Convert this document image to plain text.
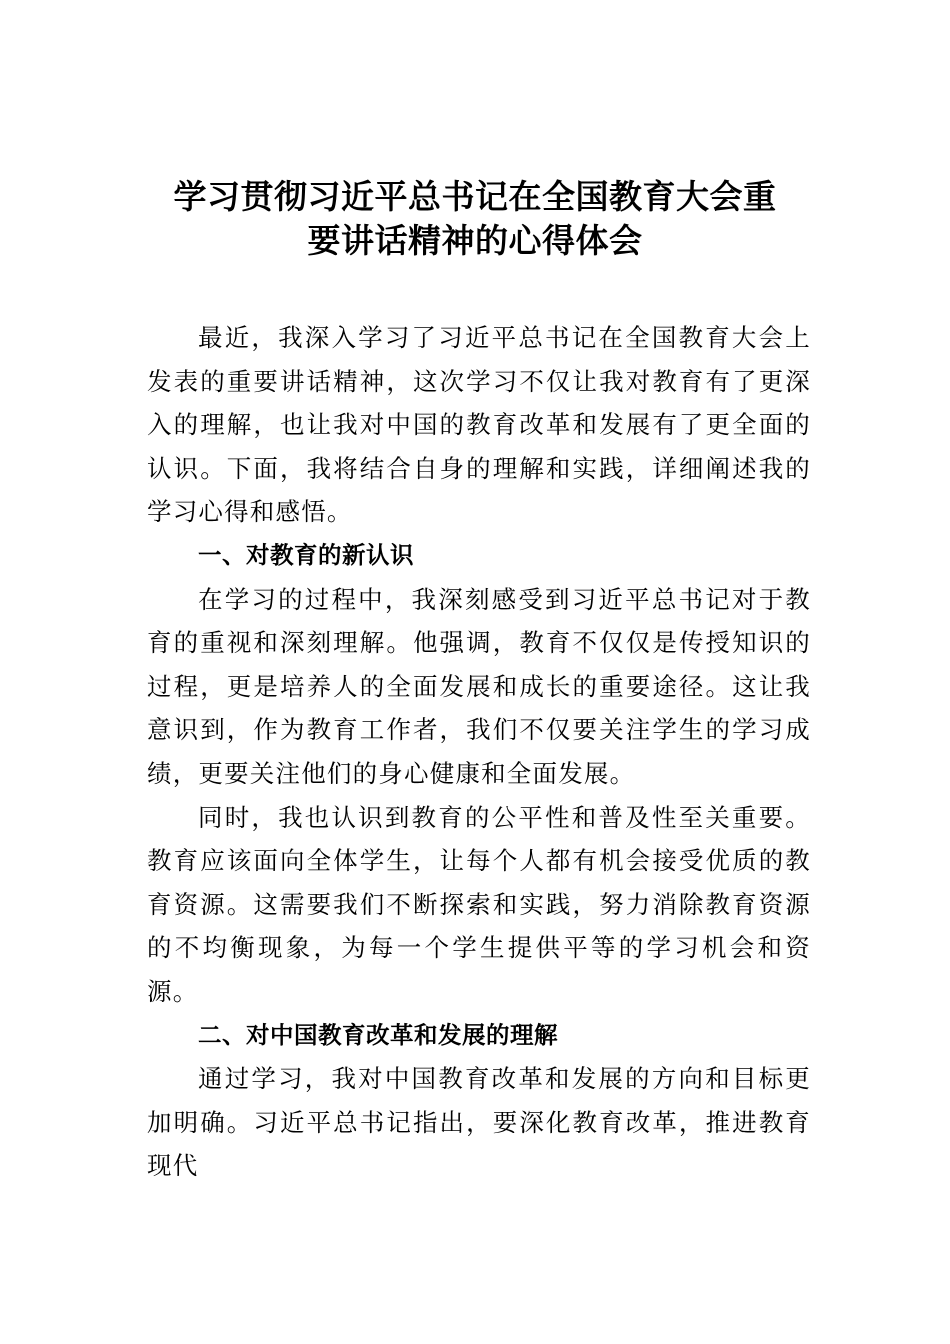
学习贯彻习近平总书记在全国教育大会重
要讲话精神的心得体会

最近，我深入学习了习近平总书记在全国教育大会上发表的重要讲话精神，这次学习不仅让我对教育有了更深入的理解，也让我对中国的教育改革和发展有了更全面的认识。下面，我将结合自身的理解和实践，详细阐述我的学习心得和感悟。

一、对教育的新认识

在学习的过程中，我深刻感受到习近平总书记对于教育的重视和深刻理解。他强调，教育不仅仅是传授知识的过程，更是培养人的全面发展和成长的重要途径。这让我意识到，作为教育工作者，我们不仅要关注学生的学习成绩，更要关注他们的身心健康和全面发展。

同时，我也认识到教育的公平性和普及性至关重要。教育应该面向全体学生，让每个人都有机会接受优质的教育资源。这需要我们不断探索和实践，努力消除教育资源的不均衡现象，为每一个学生提供平等的学习机会和资源。

二、对中国教育改革和发展的理解

通过学习，我对中国教育改革和发展的方向和目标更加明确。习近平总书记指出，要深化教育改革，推进教育现代
